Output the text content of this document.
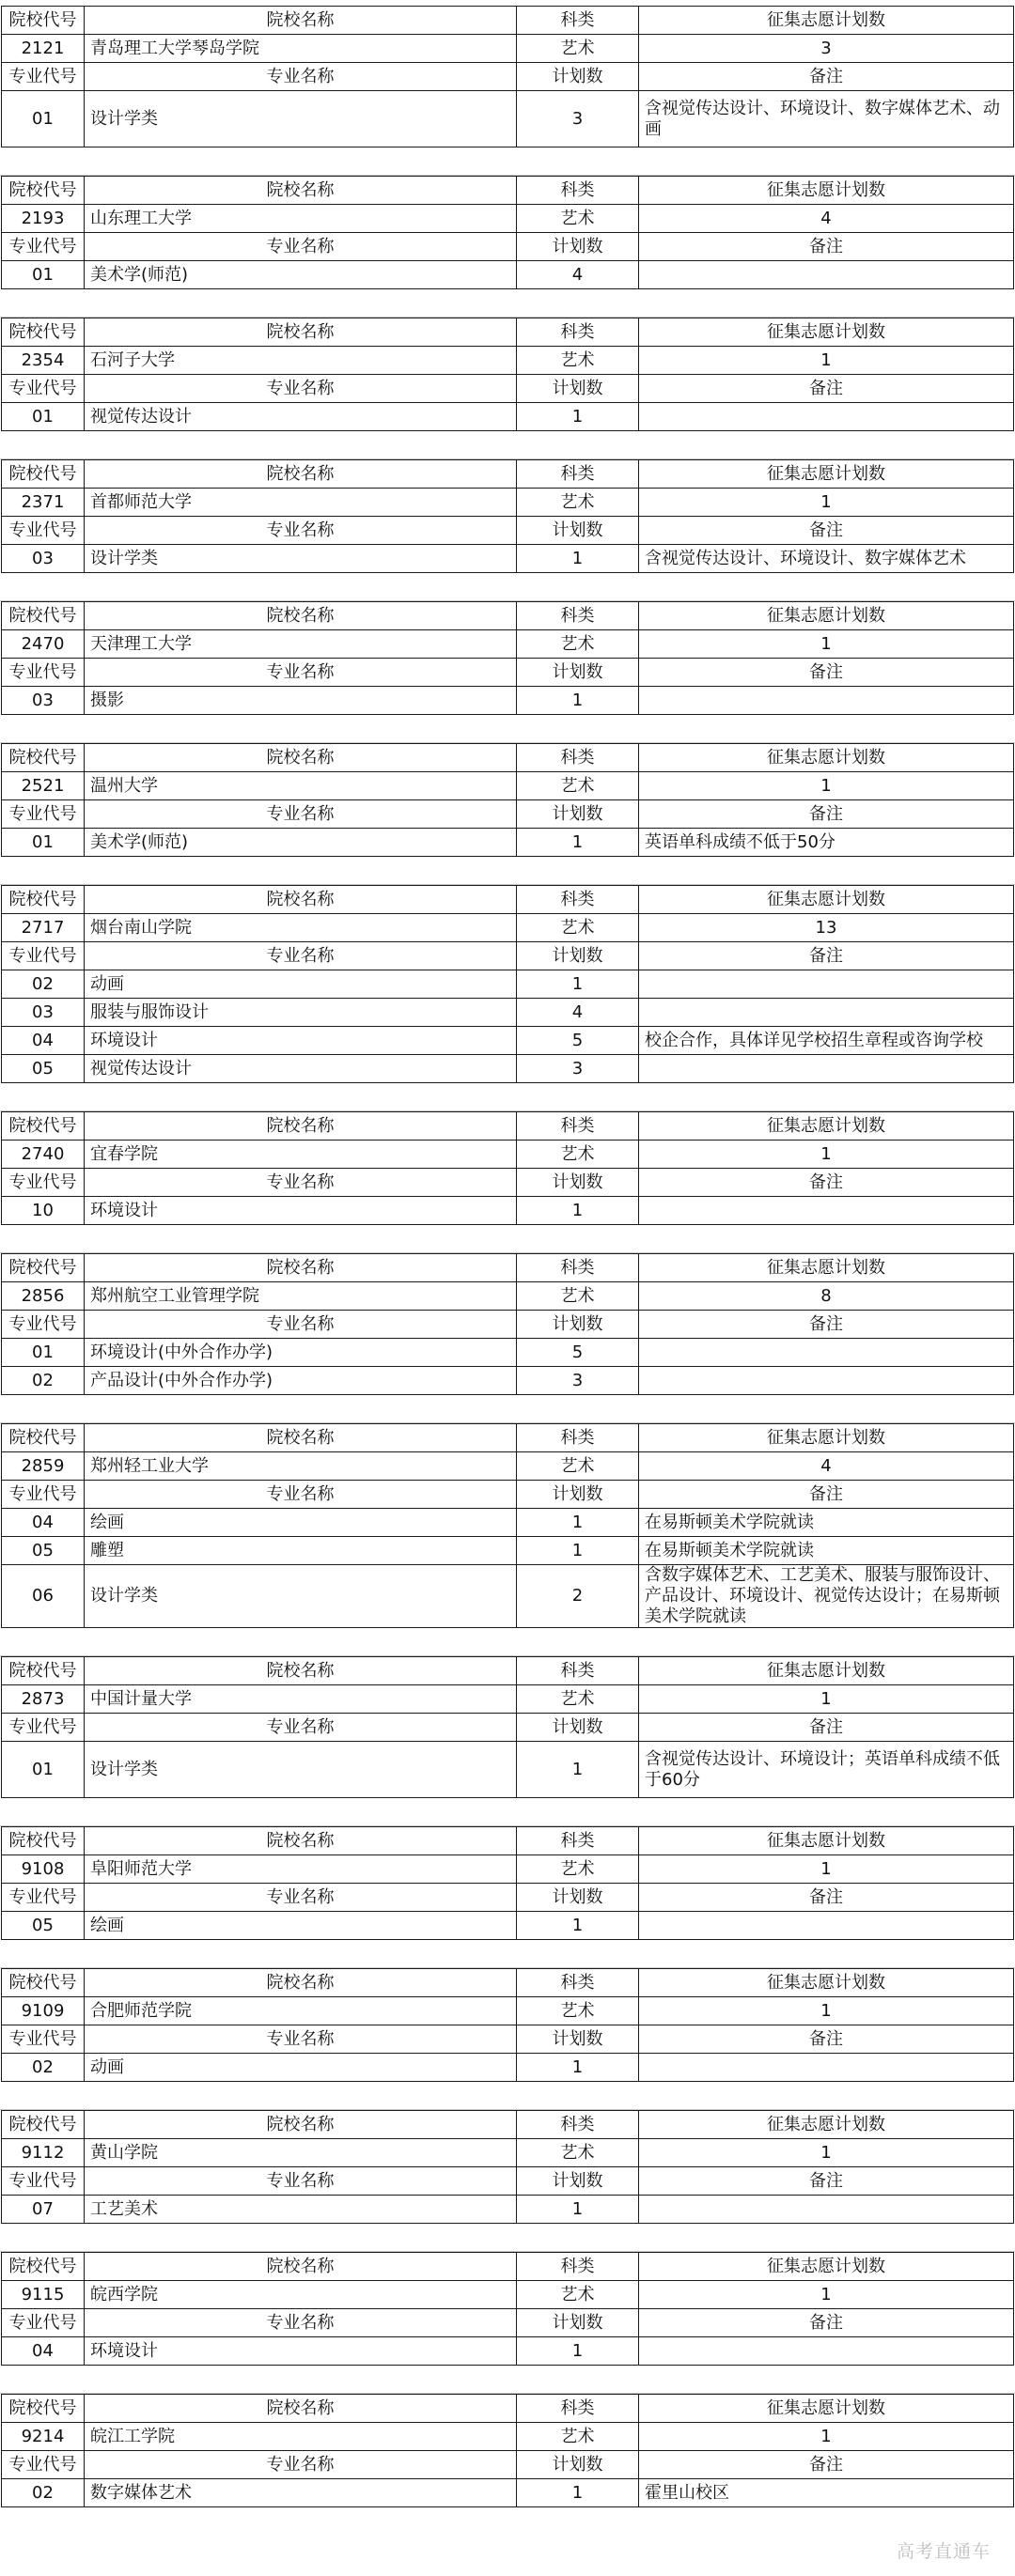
院校代号	院校名称	科类	征集志愿计划数
2121	青岛理工大学琴岛学院	艺术	3
专业代号	专业名称	计划数	备注
01	设计学类	3	含视觉传达设计、环境设计、数字媒体艺术、动画
院校代号	院校名称	科类	征集志愿计划数
2193	山东理工大学	艺术	4
专业代号	专业名称	计划数	备注
01	美术学(师范)	4	
院校代号	院校名称	科类	征集志愿计划数
2354	石河子大学	艺术	1
专业代号	专业名称	计划数	备注
01	视觉传达设计	1	
院校代号	院校名称	科类	征集志愿计划数
2371	首都师范大学	艺术	1
专业代号	专业名称	计划数	备注
03	设计学类	1	含视觉传达设计、环境设计、数字媒体艺术
院校代号	院校名称	科类	征集志愿计划数
2470	天津理工大学	艺术	1
专业代号	专业名称	计划数	备注
03	摄影	1	
院校代号	院校名称	科类	征集志愿计划数
2521	温州大学	艺术	1
专业代号	专业名称	计划数	备注
01	美术学(师范)	1	英语单科成绩不低于50分
院校代号	院校名称	科类	征集志愿计划数
2717	烟台南山学院	艺术	13
专业代号	专业名称	计划数	备注
02	动画	1	
03	服装与服饰设计	4	
04	环境设计	5	校企合作，具体详见学校招生章程或咨询学校
05	视觉传达设计	3	
院校代号	院校名称	科类	征集志愿计划数
2740	宜春学院	艺术	1
专业代号	专业名称	计划数	备注
10	环境设计	1	
院校代号	院校名称	科类	征集志愿计划数
2856	郑州航空工业管理学院	艺术	8
专业代号	专业名称	计划数	备注
01	环境设计(中外合作办学)	5	
02	产品设计(中外合作办学)	3	
院校代号	院校名称	科类	征集志愿计划数
2859	郑州轻工业大学	艺术	4
专业代号	专业名称	计划数	备注
04	绘画	1	在易斯顿美术学院就读
05	雕塑	1	在易斯顿美术学院就读
06	设计学类	2	含数字媒体艺术、工艺美术、服装与服饰设计、产品设计、环境设计、视觉传达设计；在易斯顿美术学院就读
院校代号	院校名称	科类	征集志愿计划数
2873	中国计量大学	艺术	1
专业代号	专业名称	计划数	备注
01	设计学类	1	含视觉传达设计、环境设计；英语单科成绩不低于60分
院校代号	院校名称	科类	征集志愿计划数
9108	阜阳师范大学	艺术	1
专业代号	专业名称	计划数	备注
05	绘画	1	
院校代号	院校名称	科类	征集志愿计划数
9109	合肥师范学院	艺术	1
专业代号	专业名称	计划数	备注
02	动画	1	
院校代号	院校名称	科类	征集志愿计划数
9112	黄山学院	艺术	1
专业代号	专业名称	计划数	备注
07	工艺美术	1	
院校代号	院校名称	科类	征集志愿计划数
9115	皖西学院	艺术	1
专业代号	专业名称	计划数	备注
04	环境设计	1	
院校代号	院校名称	科类	征集志愿计划数
9214	皖江工学院	艺术	1
专业代号	专业名称	计划数	备注
02	数字媒体艺术	1	霍里山校区
高考直通车
